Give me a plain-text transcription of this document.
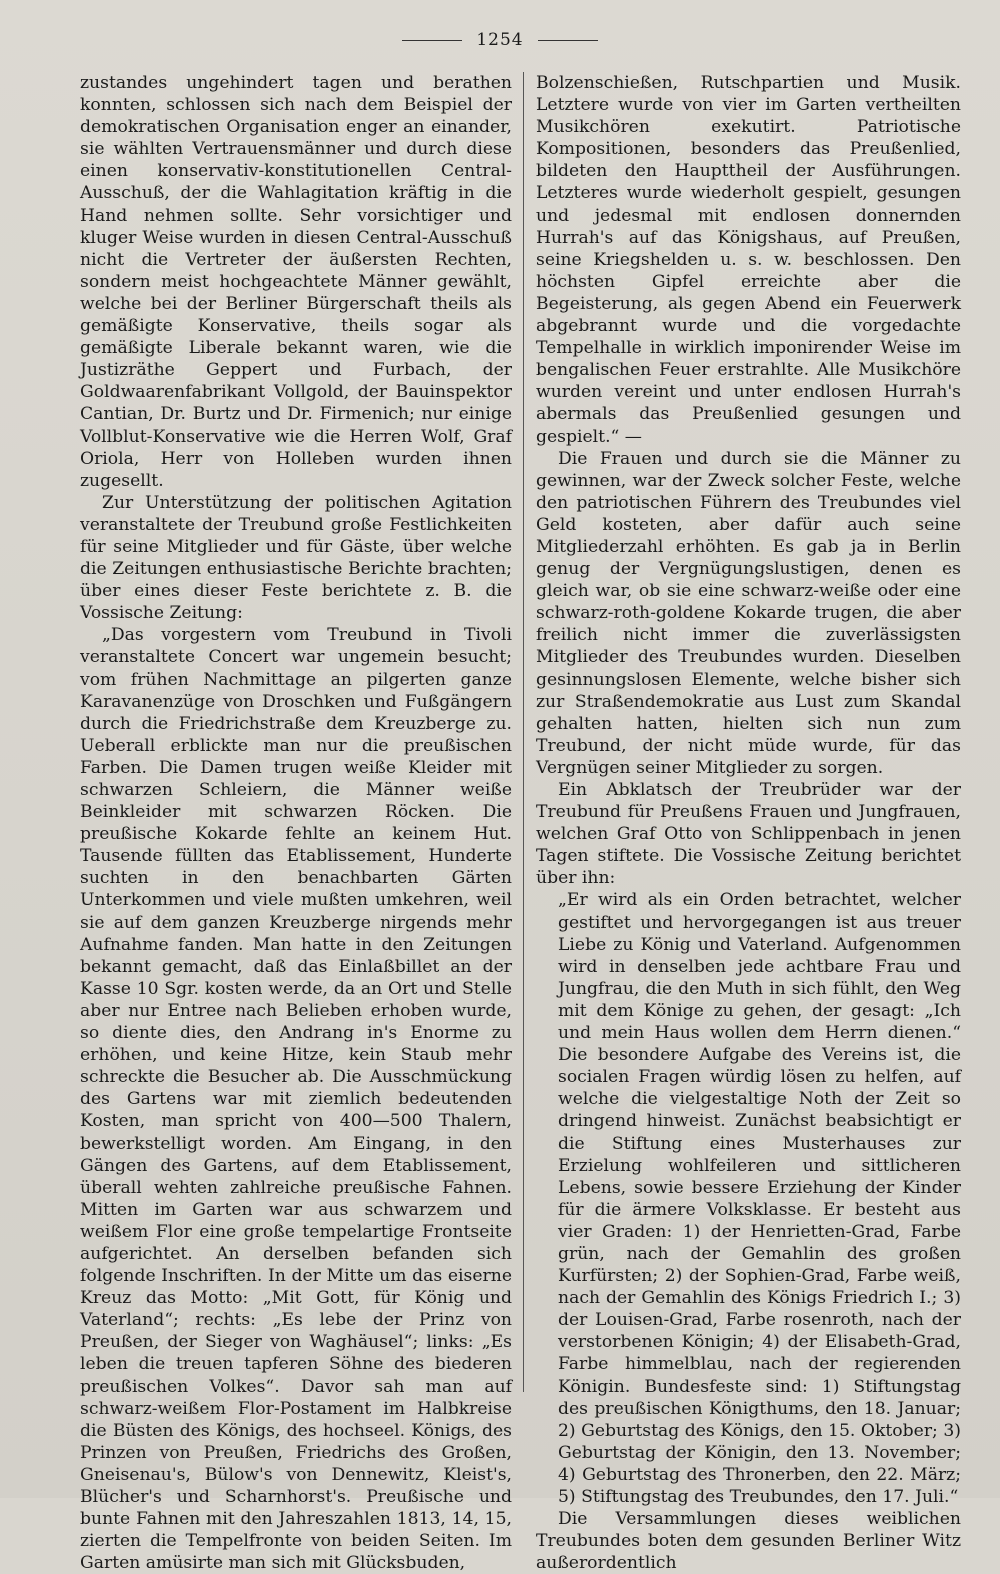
1254

zustandes ungehindert tagen und berathen konnten, schlossen sich nach dem Beispiel der demokratischen Organisation enger an einander, sie wählten Vertrauensmänner und durch diese einen konservativ-konstitutionellen Central-Ausschuß, der die Wahlagitation kräftig in die Hand nehmen sollte. Sehr vorsichtiger und kluger Weise wurden in diesen Central-Ausschuß nicht die Vertreter der äußersten Rechten, sondern meist hochgeachtete Männer gewählt, welche bei der Berliner Bürgerschaft theils als gemäßigte Konservative, theils sogar als gemäßigte Liberale bekannt waren, wie die Justizräthe Geppert und Furbach, der Goldwaarenfabrikant Vollgold, der Bauinspektor Cantian, Dr. Burtz und Dr. Firmenich; nur einige Vollblut-Konservative wie die Herren Wolf, Graf Oriola, Herr von Holleben wurden ihnen zugesellt.

Zur Unterstützung der politischen Agitation veranstaltete der Treubund große Festlichkeiten für seine Mitglieder und für Gäste, über welche die Zeitungen enthusiastische Berichte brachten; über eines dieser Feste berichtete z. B. die Vossische Zeitung:

„Das vorgestern vom Treubund in Tivoli veranstaltete Concert war ungemein besucht; vom frühen Nachmittage an pilgerten ganze Karavanenzüge von Droschken und Fußgängern durch die Friedrichstraße dem Kreuzberge zu. Ueberall erblickte man nur die preußischen Farben. Die Damen trugen weiße Kleider mit schwarzen Schleiern, die Männer weiße Beinkleider mit schwarzen Röcken. Die preußische Kokarde fehlte an keinem Hut. Tausende füllten das Etablissement, Hunderte suchten in den benachbarten Gärten Unterkommen und viele mußten umkehren, weil sie auf dem ganzen Kreuzberge nirgends mehr Aufnahme fanden. Man hatte in den Zeitungen bekannt gemacht, daß das Einlaßbillet an der Kasse 10 Sgr. kosten werde, da an Ort und Stelle aber nur Entree nach Belieben erhoben wurde, so diente dies, den Andrang in's Enorme zu erhöhen, und keine Hitze, kein Staub mehr schreckte die Besucher ab. Die Ausschmückung des Gartens war mit ziemlich bedeutenden Kosten, man spricht von 400—500 Thalern, bewerkstelligt worden. Am Eingang, in den Gängen des Gartens, auf dem Etablissement, überall wehten zahlreiche preußische Fahnen. Mitten im Garten war aus schwarzem und weißem Flor eine große tempelartige Frontseite aufgerichtet. An derselben befanden sich folgende Inschriften. In der Mitte um das eiserne Kreuz das Motto: „Mit Gott, für König und Vaterland“; rechts: „Es lebe der Prinz von Preußen, der Sieger von Waghäusel“; links: „Es leben die treuen tapferen Söhne des biederen preußischen Volkes“. Davor sah man auf schwarz-weißem Flor-Postament im Halbkreise die Büsten des Königs, des hochseel. Königs, des Prinzen von Preußen, Friedrichs des Großen, Gneisenau's, Bülow's von Dennewitz, Kleist's, Blücher's und Scharnhorst's. Preußische und bunte Fahnen mit den Jahreszahlen 1813, 14, 15, zierten die Tempelfronte von beiden Seiten. Im Garten amüsirte man sich mit Glücksbuden,

Bolzenschießen, Rutschpartien und Musik. Letztere wurde von vier im Garten vertheilten Musikchören exekutirt. Patriotische Kompositionen, besonders das Preußenlied, bildeten den Haupttheil der Ausführungen. Letzteres wurde wiederholt gespielt, gesungen und jedesmal mit endlosen donnernden Hurrah's auf das Königshaus, auf Preußen, seine Kriegshelden u. s. w. beschlossen. Den höchsten Gipfel erreichte aber die Begeisterung, als gegen Abend ein Feuerwerk abgebrannt wurde und die vorgedachte Tempelhalle in wirklich imponirender Weise im bengalischen Feuer erstrahlte. Alle Musikchöre wurden vereint und unter endlosen Hurrah's abermals das Preußenlied gesungen und gespielt.“ —

Die Frauen und durch sie die Männer zu gewinnen, war der Zweck solcher Feste, welche den patriotischen Führern des Treubundes viel Geld kosteten, aber dafür auch seine Mitgliederzahl erhöhten. Es gab ja in Berlin genug der Vergnügungslustigen, denen es gleich war, ob sie eine schwarz-weiße oder eine schwarz-roth-goldene Kokarde trugen, die aber freilich nicht immer die zuverlässigsten Mitglieder des Treubundes wurden. Dieselben gesinnungslosen Elemente, welche bisher sich zur Straßendemokratie aus Lust zum Skandal gehalten hatten, hielten sich nun zum Treubund, der nicht müde wurde, für das Vergnügen seiner Mitglieder zu sorgen.

Ein Abklatsch der Treubrüder war der Treubund für Preußens Frauen und Jungfrauen, welchen Graf Otto von Schlippenbach in jenen Tagen stiftete. Die Vossische Zeitung berichtet über ihn:

„Er wird als ein Orden betrachtet, welcher gestiftet und hervorgegangen ist aus treuer Liebe zu König und Vaterland. Aufgenommen wird in denselben jede achtbare Frau und Jungfrau, die den Muth in sich fühlt, den Weg mit dem Könige zu gehen, der gesagt: „Ich und mein Haus wollen dem Herrn dienen.“ Die besondere Aufgabe des Vereins ist, die socialen Fragen würdig lösen zu helfen, auf welche die vielgestaltige Noth der Zeit so dringend hinweist. Zunächst beabsichtigt er die Stiftung eines Musterhauses zur Erzielung wohlfeileren und sittlicheren Lebens, sowie bessere Erziehung der Kinder für die ärmere Volksklasse. Er besteht aus vier Graden: 1) der Henrietten-Grad, Farbe grün, nach der Gemahlin des großen Kurfürsten; 2) der Sophien-Grad, Farbe weiß, nach der Gemahlin des Königs Friedrich I.; 3) der Louisen-Grad, Farbe rosenroth, nach der verstorbenen Königin; 4) der Elisabeth-Grad, Farbe himmelblau, nach der regierenden Königin. Bundesfeste sind: 1) Stiftungstag des preußischen Königthums, den 18. Januar; 2) Geburtstag des Königs, den 15. Oktober; 3) Geburtstag der Königin, den 13. November; 4) Geburtstag des Thronerben, den 22. März; 5) Stiftungstag des Treubundes, den 17. Juli.“

Die Versammlungen dieses weiblichen Treubundes boten dem gesunden Berliner Witz außerordentlich
